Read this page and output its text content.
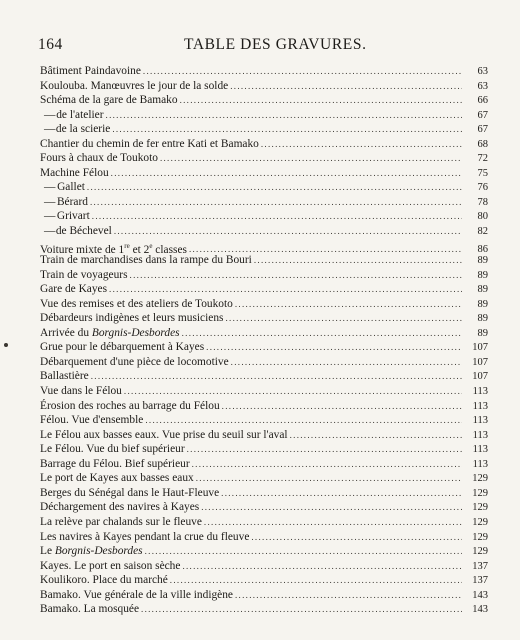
164	TABLE DES GRAVURES.
Bâtiment Paindavoine .....	63
Koulouba. Manœuvres le jour de la solde .....	63
Schéma de la gare de Bamako .....	66
— de l'atelier .....	67
— de la scierie .....	67
Chantier du chemin de fer entre Kati et Bamako .....	68
Fours à chaux de Toukoto .....	72
Machine Félou .....	75
— Gallet .....	76
— Bérard .....	78
— Grivart .....	80
— de Béchevel .....	82
Voiture mixte de 1re et 2e classes .....	86
Train de marchandises dans la rampe du Bouri .....	89
Train de voyageurs .....	89
Gare de Kayes .....	89
Vue des remises et des ateliers de Toukoto .....	89
Débardeurs indigènes et leurs musiciens .....	89
Arrivée du Borgnis-Desbordes .....	89
Grue pour le débarquement à Kayes .....	107
Débarquement d'une pièce de locomotive .....	107
Ballastière .....	107
Vue dans le Félou .....	113
Érosion des roches au barrage du Félou .....	113
Félou. Vue d'ensemble .....	113
Le Félou aux basses eaux. Vue prise du seuil sur l'aval .....	113
Le Félou. Vue du bief supérieur .....	113
Barrage du Félou. Bief supérieur .....	113
Le port de Kayes aux basses eaux .....	129
Berges du Sénégal dans le Haut-Fleuve .....	129
Déchargement des navires à Kayes .....	129
La relève par chalands sur le fleuve .....	129
Les navires à Kayes pendant la crue du fleuve .....	129
Le Borgnis-Desbordes .....	129
Kayes. Le port en saison sèche .....	137
Koulikoro. Place du marché .....	137
Bamako. Vue générale de la ville indigène .....	143
Bamako. La mosquée .....	143
